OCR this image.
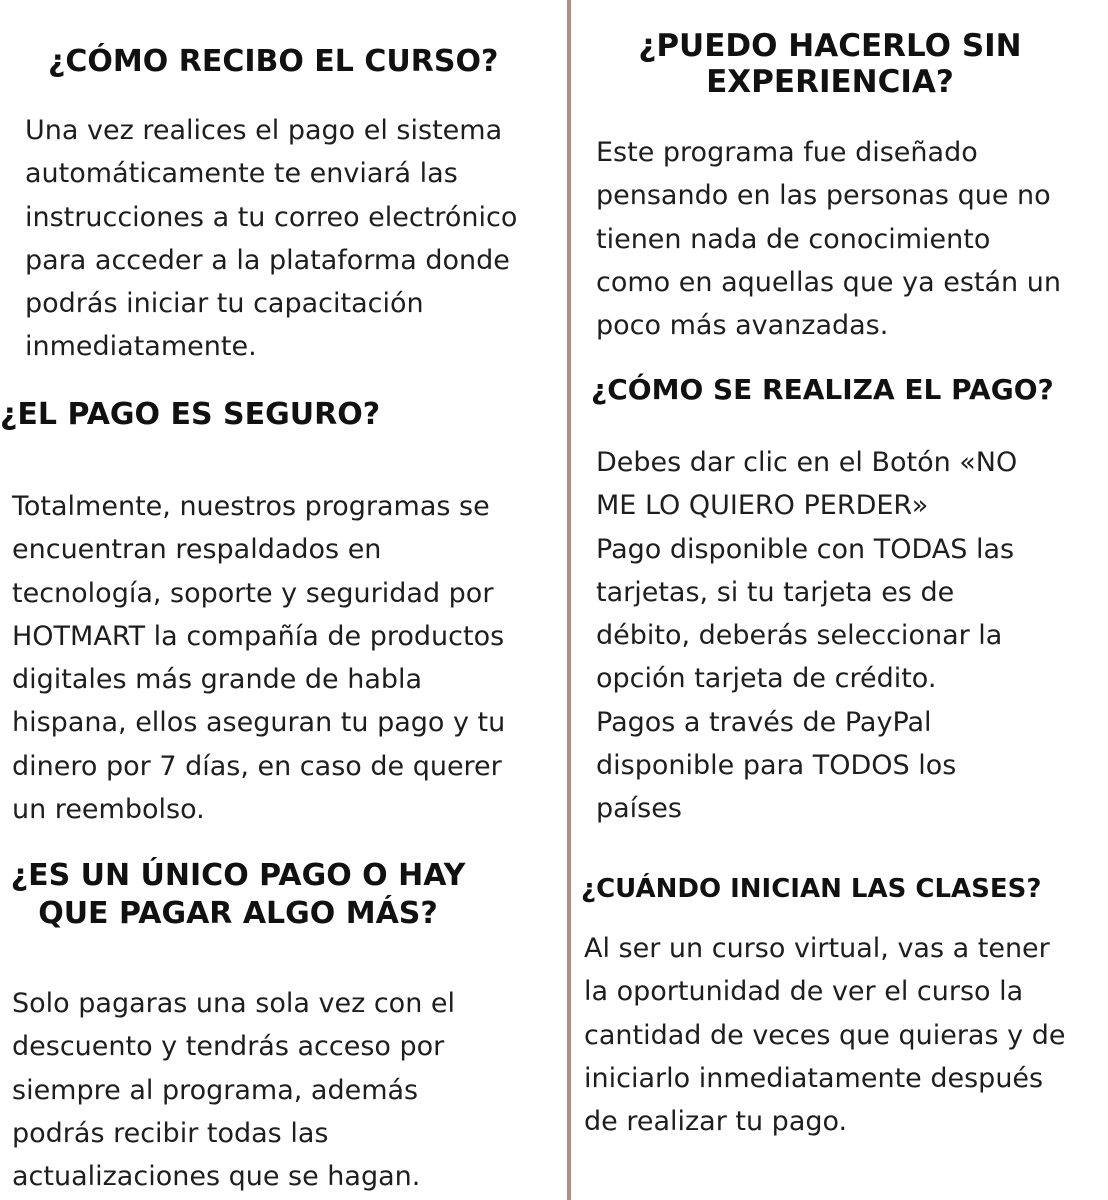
¿CÓMO RECIBO EL CURSO?
Una vez realices el pago el sistema
automáticamente te enviará las
instrucciones a tu correo electrónico
para acceder a la plataforma donde
podrás iniciar tu capacitación
inmediatamente.
¿EL PAGO ES SEGURO?
Totalmente, nuestros programas se
encuentran respaldados en
tecnología, soporte y seguridad por
HOTMART la compañía de productos
digitales más grande de habla
hispana, ellos aseguran tu pago y tu
dinero por 7 días, en caso de querer
un reembolso.
¿ES UN ÚNICO PAGO O HAY
QUE PAGAR ALGO MÁS?
Solo pagaras una sola vez con el
descuento y tendrás acceso por
siempre al programa, además
podrás recibir todas las
actualizaciones que se hagan.
¿PUEDO HACERLO SIN
EXPERIENCIA?
Este programa fue diseñado
pensando en las personas que no
tienen nada de conocimiento
como en aquellas que ya están un
poco más avanzadas.
¿CÓMO SE REALIZA EL PAGO?
Debes dar clic en el Botón «NO
ME LO QUIERO PERDER»
Pago disponible con TODAS las
tarjetas, si tu tarjeta es de
débito, deberás seleccionar la
opción tarjeta de crédito.
Pagos a través de PayPal
disponible para TODOS los
países
¿CUÁNDO INICIAN LAS CLASES?
Al ser un curso virtual, vas a tener
la oportunidad de ver el curso la
cantidad de veces que quieras y de
iniciarlo inmediatamente después
de realizar tu pago.
